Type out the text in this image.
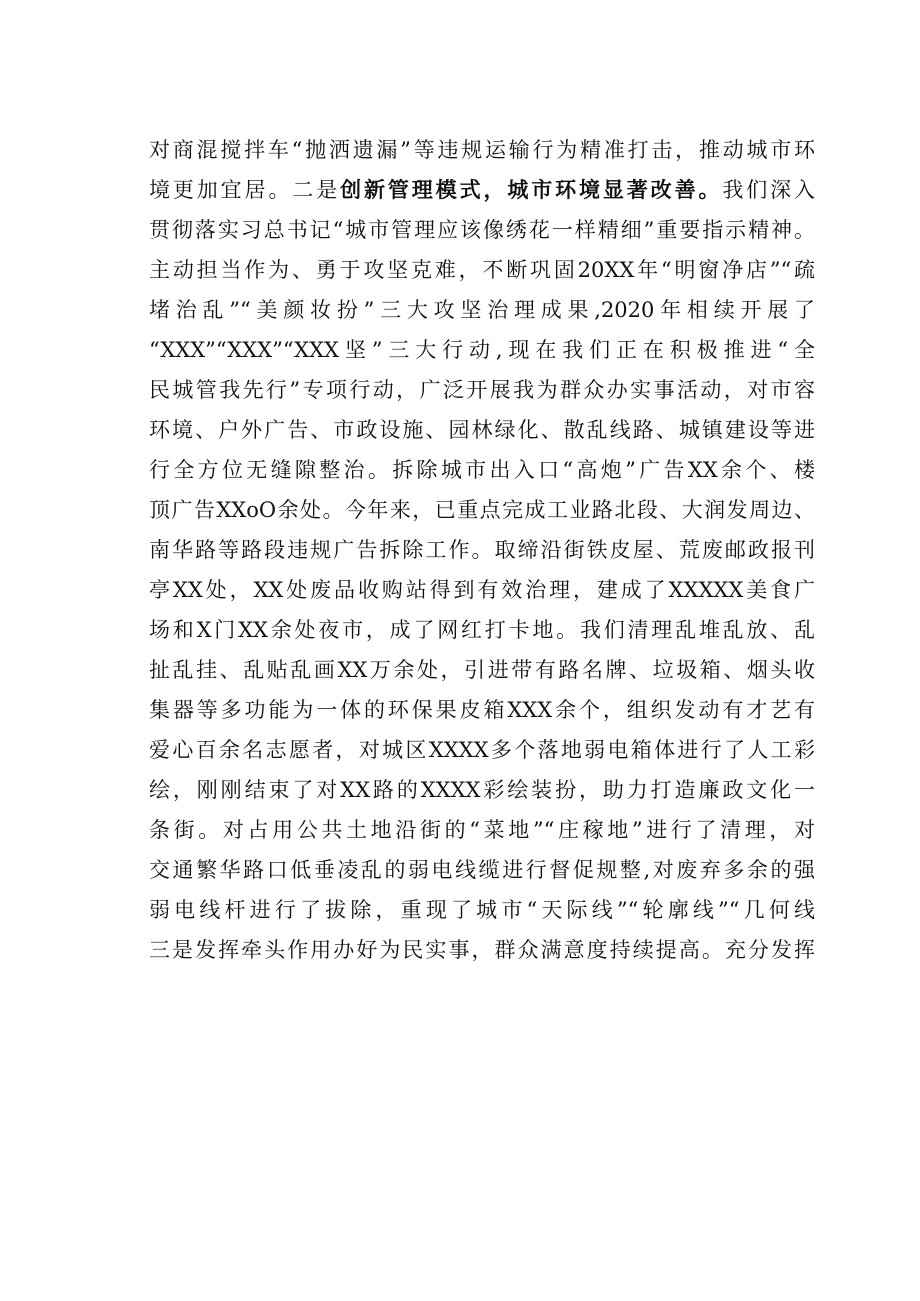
对商混搅拌车“抛洒遗漏”等违规运输行为精准打击，推动城市环
境更加宜居。二是创新管理模式，城市环境显著改善。我们深入
贯彻落实习总书记“城市管理应该像绣花一样精细”重要指示精神。
主动担当作为、勇于攻坚克难，不断巩固20XX年“明窗净店”“疏
堵治乱”“美颜妆扮”三大攻坚治理成果,2020年相续开展了
“XXX”“XXX”“XXX坚”三大行动,现在我们正在积极推进“全
民城管我先行”专项行动，广泛开展我为群众办实事活动，对市容
环境、户外广告、市政设施、园林绿化、散乱线路、城镇建设等进
行全方位无缝隙整治。拆除城市出入口“高炮”广告XX余个、楼
顶广告XXoO余处。今年来，已重点完成工业路北段、大润发周边、
南华路等路段违规广告拆除工作。取缔沿街铁皮屋、荒废邮政报刊
亭XX处，XX处废品收购站得到有效治理，建成了XXXXX美食广
场和X门XX余处夜市，成了网红打卡地。我们清理乱堆乱放、乱
扯乱挂、乱贴乱画XX万余处，引进带有路名牌、垃圾箱、烟头收
集器等多功能为一体的环保果皮箱XXX余个，组织发动有才艺有
爱心百余名志愿者，对城区XXXX多个落地弱电箱体进行了人工彩
绘，刚刚结束了对XX路的XXXX彩绘装扮，助力打造廉政文化一
条街。对占用公共土地沿街的“菜地”“庄稼地”进行了清理，对
交通繁华路口低垂凌乱的弱电线缆进行督促规整,对废弃多余的强
弱电线杆进行了拔除，重现了城市“天际线”“轮廓线”“几何线
三是发挥牵头作用办好为民实事，群众满意度持续提高。充分发挥
